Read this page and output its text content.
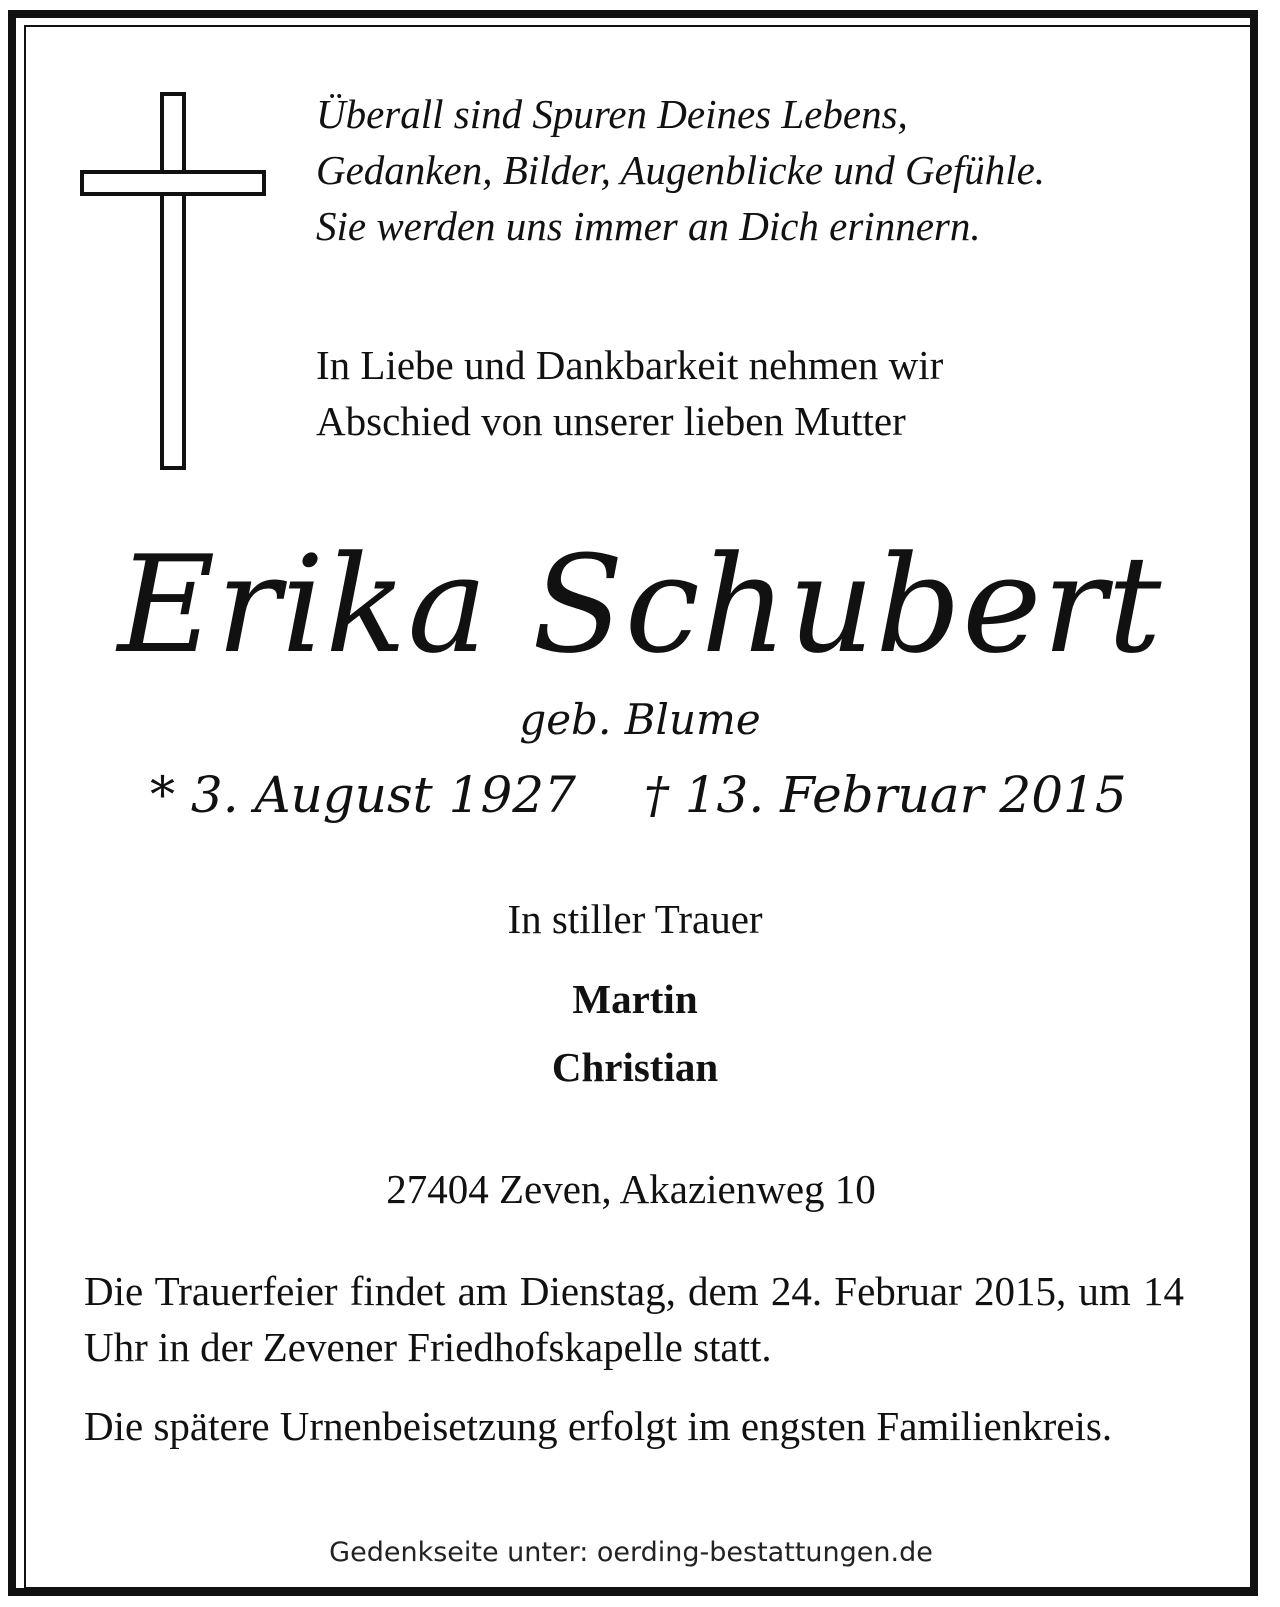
Überall sind Spuren Deines Lebens,
Gedanken, Bilder, Augenblicke und Gefühle.
Sie werden uns immer an Dich erinnern.
In Liebe und Dankbarkeit nehmen wir
Abschied von unserer lieben Mutter
Erika Schubert
geb. Blume
* 3. August 1927 † 13. Februar 2015
In stiller Trauer
Martin
Christian
27404 Zeven, Akazienweg 10
Die Trauerfeier findet am Dienstag, dem 24. Februar 2015, um 14 Uhr in der Zevener Friedhofskapelle statt.
Die spätere Urnenbeisetzung erfolgt im engsten Familienkreis.
Gedenkseite unter: oerding-bestattungen.de
